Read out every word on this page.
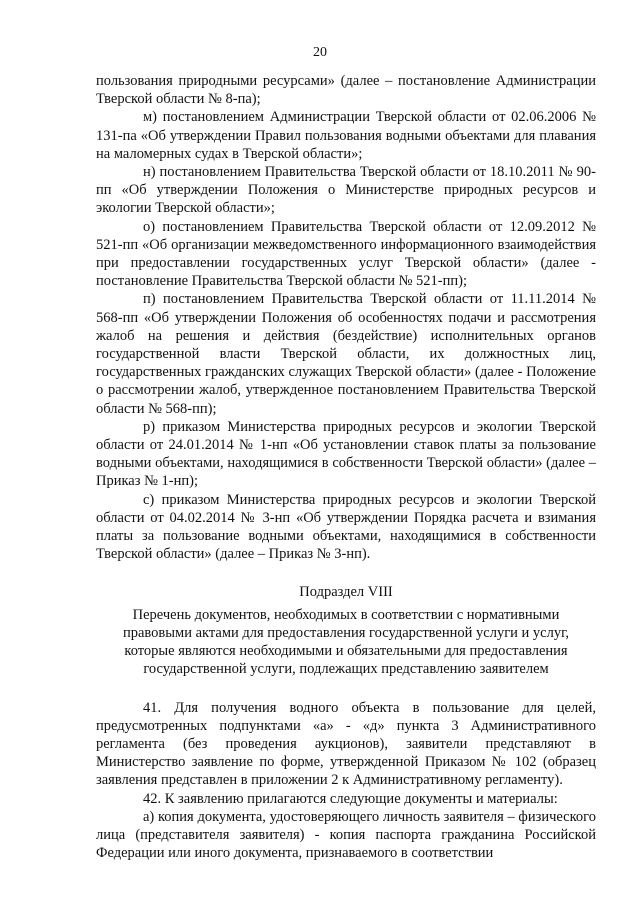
20

пользования природными ресурсами» (далее – постановление Администрации Тверской области № 8-па);

м) постановлением Администрации Тверской области от 02.06.2006 № 131-па «Об утверждении Правил пользования водными объектами для плавания на маломерных судах в Тверской области»;

н) постановлением Правительства Тверской области от 18.10.2011 № 90-пп «Об утверждении Положения о Министерстве природных ресурсов и экологии Тверской области»;

о) постановлением Правительства Тверской области от 12.09.2012 № 521-пп «Об организации межведомственного информационного взаимодействия при предоставлении государственных услуг Тверской области» (далее - постановление Правительства Тверской области № 521-пп);

п) постановлением Правительства Тверской области от 11.11.2014 № 568-пп «Об утверждении Положения об особенностях подачи и рассмотрения жалоб на решения и действия (бездействие) исполнительных органов государственной власти Тверской области, их должностных лиц, государственных гражданских служащих Тверской области» (далее - Положение о рассмотрении жалоб, утвержденное постановлением Правительства Тверской области № 568-пп);

р) приказом Министерства природных ресурсов и экологии Тверской области от 24.01.2014 № 1-нп «Об установлении ставок платы за пользование водными объектами, находящимися в собственности Тверской области» (далее – Приказ № 1-нп);

с) приказом Министерства природных ресурсов и экологии Тверской области от 04.02.2014 № 3-нп «Об утверждении Порядка расчета и взимания платы за пользование водными объектами, находящимися в собственности Тверской области» (далее – Приказ № 3-нп).

Подраздел VIII

Перечень документов, необходимых в соответствии с нормативными

правовыми актами для предоставления государственной услуги и услуг,

которые являются необходимыми и обязательными для предоставления

государственной услуги, подлежащих представлению заявителем

41. Для получения водного объекта в пользование для целей, предусмотренных подпунктами «а» - «д» пункта 3 Административного регламента (без проведения аукционов), заявители представляют в Министерство заявление по форме, утвержденной Приказом № 102 (образец заявления представлен в приложении 2 к Административному регламенту).

42. К заявлению прилагаются следующие документы и материалы:

а) копия документа, удостоверяющего личность заявителя – физического лица (представителя заявителя) - копия паспорта гражданина Российской Федерации или иного документа, признаваемого в соответствии
